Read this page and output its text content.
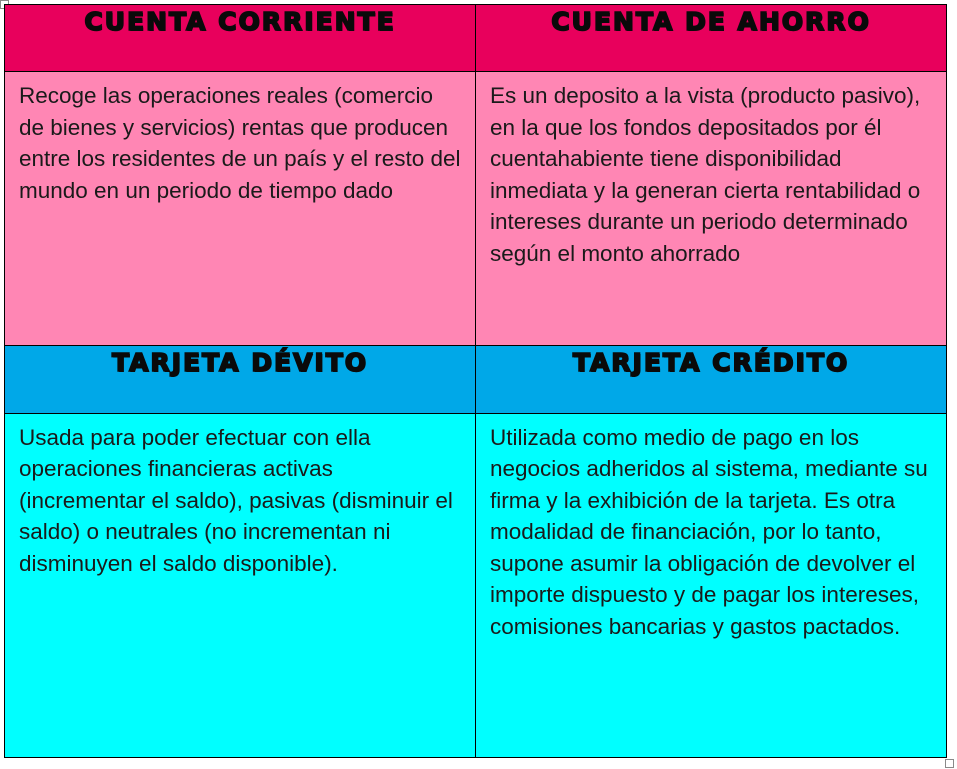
CUENTA CORRIENTE	CUENTA DE AHORRO

Recoge las operaciones reales (comercio de bienes y servicios) rentas que producen entre los residentes de un país y el resto del mundo en un periodo de tiempo dado	Es un deposito a la vista (producto pasivo), en la que los fondos depositados por él cuentahabiente tiene disponibilidad inmediata y la generan cierta rentabilidad o intereses durante un periodo determinado según el monto ahorrado

TARJETA DÉVITO	TARJETA CRÉDITO

Usada para poder efectuar con ella operaciones financieras activas (incrementar el saldo), pasivas (disminuir el saldo) o neutrales (no incrementan ni disminuyen el saldo disponible).	Utilizada como medio de pago en los negocios adheridos al sistema, mediante su firma y la exhibición de la tarjeta. Es otra modalidad de financiación, por lo tanto, supone asumir la obligación de devolver el importe dispuesto y de pagar los intereses, comisiones bancarias y gastos pactados.
